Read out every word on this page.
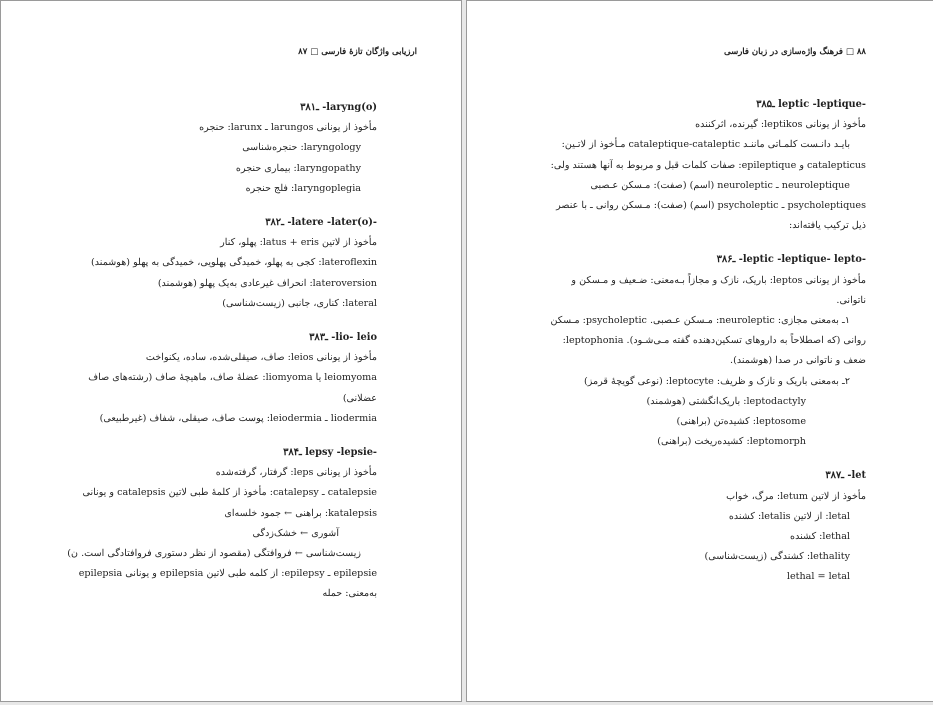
ارزیابی واژگان تازهٔ فارسی □ ۸۷
laryng(o)- ـ۳۸۱
مأخوذ از یونانی larungos ـ larunx: حنجره
laryngology: حنجره‌شناسی
laryngopathy: بیماری حنجره
laryngoplegia: فلج حنجره
-latere -later(o)- ـ۳۸۲
مأخوذ از لاتین latus + eris: پهلو، کنار
lateroflexin: کجی به پهلو، خمیدگی پهلویی، خمیدگی به پهلو (هوشمند)
lateroversion: انحراف غیرعادی به‌یک پهلو (هوشمند)
lateral: کناری، جانبی (زیست‌شناسی)
lio- leio- ـ۳۸۳
مأخوذ از یونانی leios: صاف، صیقلی‌شده، ساده، یکنواخت
leiomyoma یا liomyoma: عضلهٔ صاف، ماهیچهٔ صاف (رشته‌های صاف
عضلانی)
liodermia ـ leiodermia: پوست صاف، صیقلی، شفاف (غیرطبیعی)
-lepsy -lepsie ـ۳۸۴
مأخوذ از یونانی leps: گرفتار، گرفته‌شده
catalepsie ـ catalepsy: مأخوذ از کلمهٔ طبی لاتین catalepsis و یونانی
katalepsis: براهنی ← جمود خلسه‌ای
آشوری ← خشک‌زدگی
زیست‌شناسی ← فروافتگی (مقصود از نظر دستوری فروافتادگی است. ن)
epilepsie ـ epilepsy: از کلمه طبی لاتین epilepsia و یونانی epilepsia
به‌معنی: حمله
۸۸ □ فرهنگ واژه‌سازی در زبان فارسی
-leptic -leptique ـ۳۸۵
مأخوذ از یونانی leptikos: گیرنده، اثرکننده
بایـد دانـست کلمـاتی ماننـد cataleptique-cataleptic مـأخوذ از لاتـین:
catalepticus و epileptique: صفات کلمات قبل و مربوط به آنها هستند ولی:
neuroleptique ـ neuroleptic (اسم) (صفت): مـسکن عـصبی
psycholeptiques ـ psycholeptic (اسم) (صفت): مـسکن روانی ـ با عنصر
ذیل ترکیب یافته‌اند:
-leptic -leptique- lepto- ـ۳۸۶
مأخوذ از یونانی leptos: باریک، نازک و مجازاً بـه‌معنی: ضـعیف و مـسکن و
ناتوانی.
۱ـ به‌معنی مجازی: neuroleptic: مـسکن عـصبی. psycholeptic: مـسکن
روانی (که اصطلاحاً به داروهای تسکین‌دهنده گفته مـی‌شـود). leptophonia:
ضعف و ناتوانی در صدا (هوشمند).
۲ـ به‌معنی باریک و نازک و ظریف: leptocyte: (نوعی گویچهٔ قرمز)
leptodactyly: باریک‌انگشتی (هوشمند)
leptosome: کشیده‌تن (براهنی)
leptomorph: کشیده‌ریخت (براهنی)
let- ـ۳۸۷
مأخوذ از لاتین letum: مرگ، خواب
letal: از لاتین letalis: کشنده
lethal: کشنده
lethality: کشندگی (زیست‌شناسی)
lethal = letal
